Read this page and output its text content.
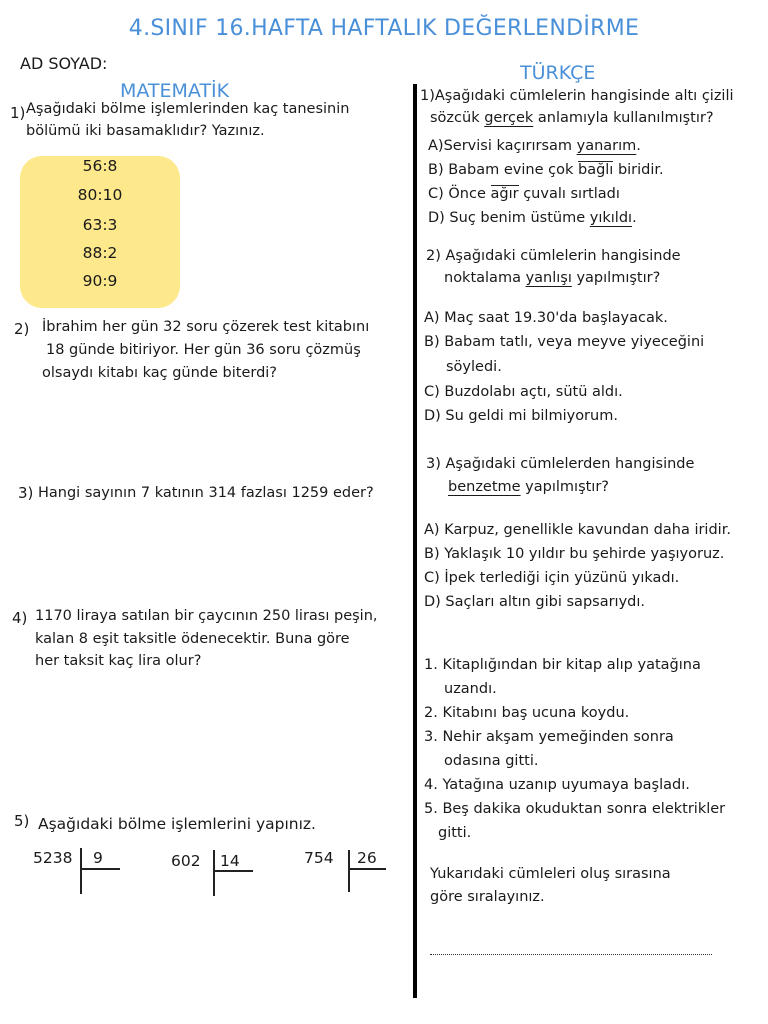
4.SINIF 16.HAFTA HAFTALIK DEĞERLENDİRME
AD SOYAD:
MATEMATİK
1) Aşağıdaki bölme işlemlerinden kaç tanesinin
bölümü iki basamaklıdır? Yazınız.
56:8
80:10
63:3
88:2
90:9
2) İbrahim her gün 32 soru çözerek test kitabını
18 günde bitiriyor. Her gün 36 soru çözmüş
olsaydı kitabı kaç günde biterdi?
3) Hangi sayının 7 katının 314 fazlası 1259 eder?
4) 1170 liraya satılan bir çaycının 250 lirası peşin,
kalan 8 eşit taksitle ödenecektir. Buna göre
her taksit kaç lira olur?
5) Aşağıdaki bölme işlemlerini yapınız.
5238 9	602 14	754 26
TÜRKÇE
1)Aşağıdaki cümlelerin hangisinde altı çizili
sözcük gerçek anlamıyla kullanılmıştır?
A)Servisi kaçırırsam yanarım.
B) Babam evine çok bağlı biridir.
C) Önce ağır çuvalı sırtladı
D) Suç benim üstüme yıkıldı.
2) Aşağıdaki cümlelerin hangisinde
noktalama yanlışı yapılmıştır?
A) Maç saat 19.30'da başlayacak.
B) Babam tatlı, veya meyve yiyeceğini
söyledi.
C) Buzdolabı açtı, sütü aldı.
D) Su geldi mi bilmiyorum.
3) Aşağıdaki cümlelerden hangisinde
benzetme yapılmıştır?
A) Karpuz, genellikle kavundan daha iridir.
B) Yaklaşık 10 yıldır bu şehirde yaşıyoruz.
C) İpek terlediği için yüzünü yıkadı.
D) Saçları altın gibi sapsarıydı.
1. Kitaplığından bir kitap alıp yatağına
uzandı.
2. Kitabını baş ucuna koydu.
3. Nehir akşam yemeğinden sonra
odasına gitti.
4. Yatağına uzanıp uyumaya başladı.
5. Beş dakika okuduktan sonra elektrikler
gitti.
Yukarıdaki cümleleri oluş sırasına
göre sıralayınız.
